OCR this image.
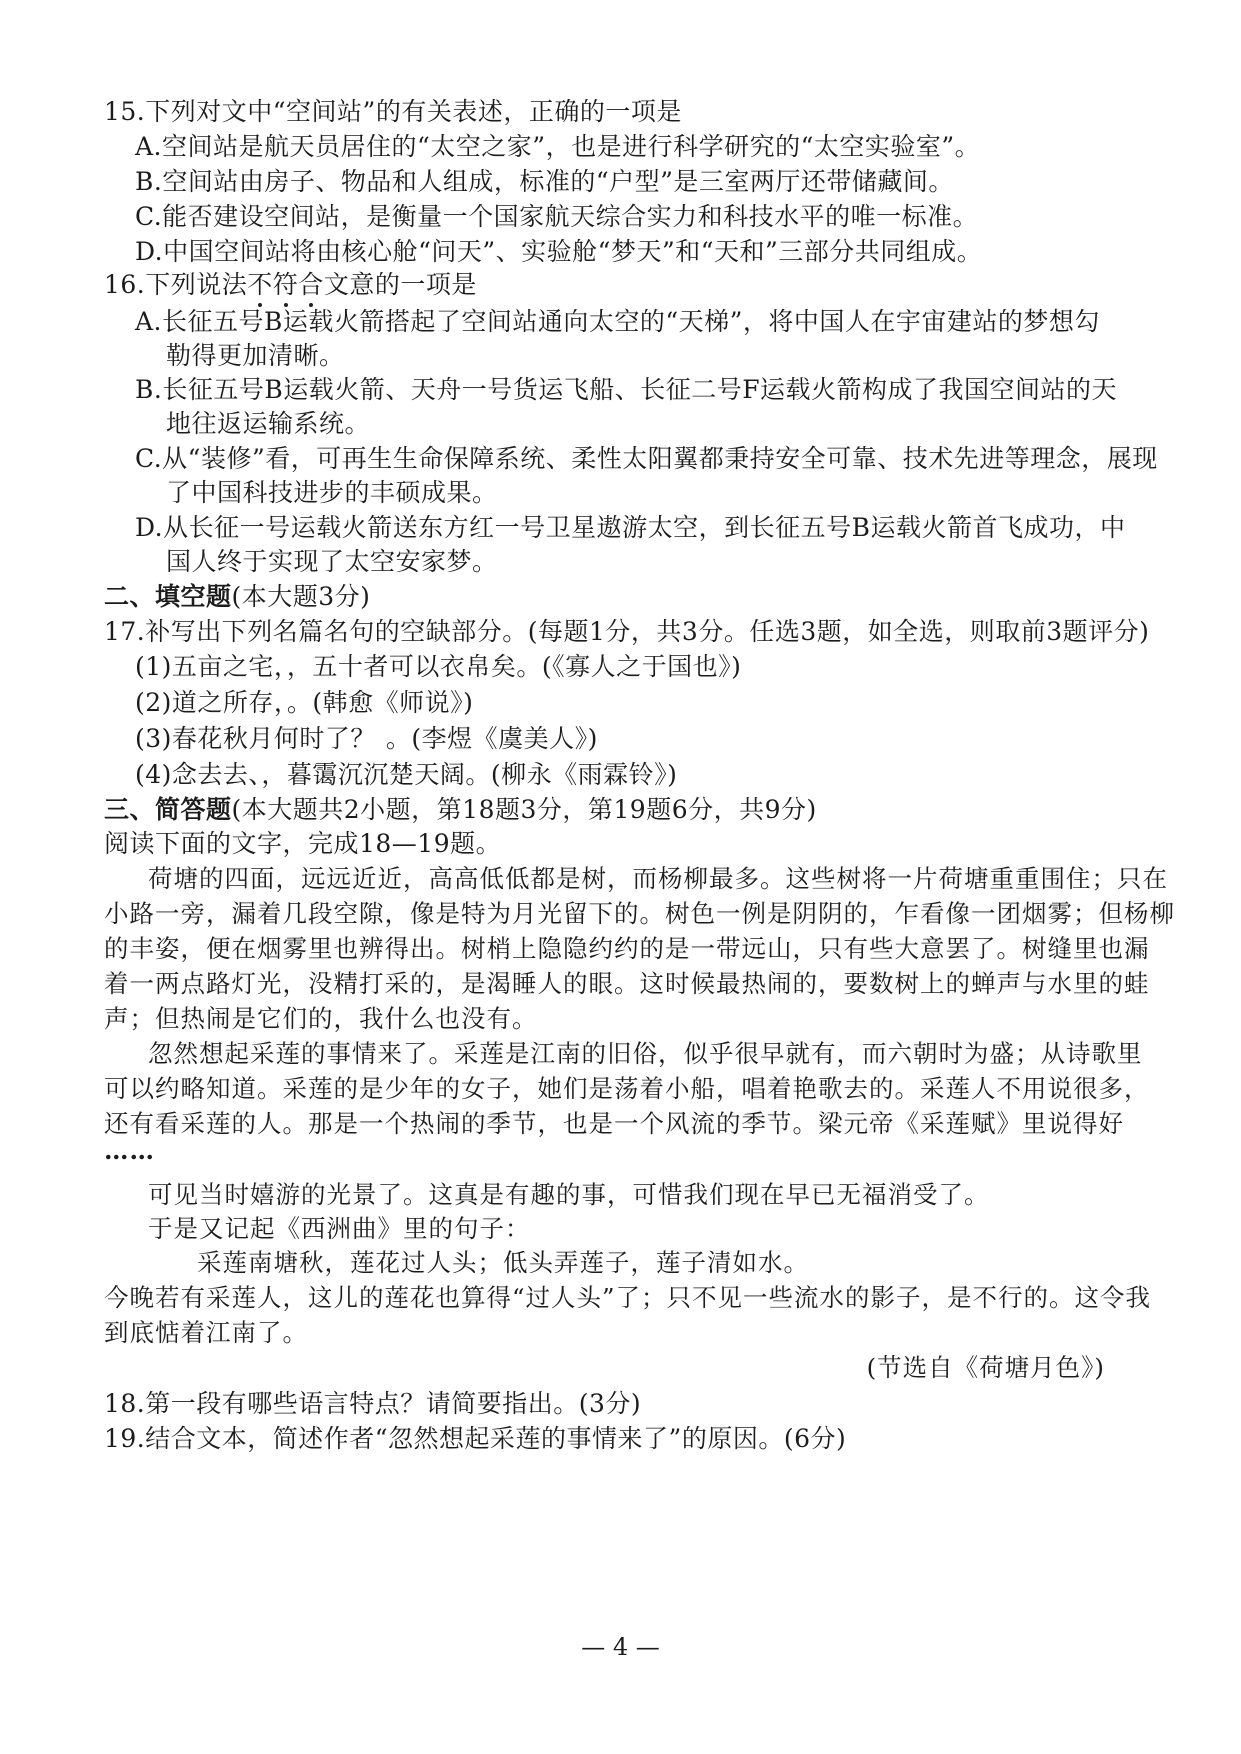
15.下列对文中“空间站”的有关表述，正确的一项是
A.空间站是航天员居住的“太空之家”，也是进行科学研究的“太空实验室”。
B.空间站由房子、物品和人组成，标准的“户型”是三室两厅还带储藏间。
C.能否建设空间站，是衡量一个国家航天综合实力和科技水平的唯一标准。
D.中国空间站将由核心舱“问天”、实验舱“梦天”和“天和”三部分共同组成。
16.下列说法不符合文意的一项是
A.长征五号B运载火箭搭起了空间站通向太空的“天梯”，将中国人在宇宙建站的梦想勾
勒得更加清晰。
B.长征五号B运载火箭、天舟一号货运飞船、长征二号F运载火箭构成了我国空间站的天
地往返运输系统。
C.从“装修”看，可再生生命保障系统、柔性太阳翼都秉持安全可靠、技术先进等理念，展现
了中国科技进步的丰硕成果。
D.从长征一号运载火箭送东方红一号卫星遨游太空，到长征五号B运载火箭首飞成功，中
国人终于实现了太空安家梦。
二、填空题(本大题3分)
17.补写出下列名篇名句的空缺部分。(每题1分，共3分。任选3题，如全选，则取前3题评分)
(1)五亩之宅，，五十者可以衣帛矣。(《寡人之于国也》)
(2)道之所存，。(韩愈《师说》)
(3)春花秋月何时了？ 。(李煜《虞美人》)
(4)念去去、，暮霭沉沉楚天阔。(柳永《雨霖铃》)
三、简答题(本大题共2小题，第18题3分，第19题6分，共9分)
阅读下面的文字，完成18—19题。
荷塘的四面，远远近近，高高低低都是树，而杨柳最多。这些树将一片荷塘重重围住；只在
小路一旁，漏着几段空隙，像是特为月光留下的。树色一例是阴阴的，乍看像一团烟雾；但杨柳
的丰姿，便在烟雾里也辨得出。树梢上隐隐约约的是一带远山，只有些大意罢了。树缝里也漏
着一两点路灯光，没精打采的，是渴睡人的眼。这时候最热闹的，要数树上的蝉声与水里的蛙
声；但热闹是它们的，我什么也没有。
忽然想起采莲的事情来了。采莲是江南的旧俗，似乎很早就有，而六朝时为盛；从诗歌里
可以约略知道。采莲的是少年的女子，她们是荡着小船，唱着艳歌去的。采莲人不用说很多，
还有看采莲的人。那是一个热闹的季节，也是一个风流的季节。梁元帝《采莲赋》里说得好
……
可见当时嬉游的光景了。这真是有趣的事，可惜我们现在早已无福消受了。
于是又记起《西洲曲》里的句子：
采莲南塘秋，莲花过人头；低头弄莲子，莲子清如水。
今晚若有采莲人，这儿的莲花也算得“过人头”了；只不见一些流水的影子，是不行的。这令我
到底惦着江南了。
(节选自《荷塘月色》)
18.第一段有哪些语言特点？请简要指出。(3分)
19.结合文本，简述作者“忽然想起采莲的事情来了”的原因。(6分)
— 4 —
